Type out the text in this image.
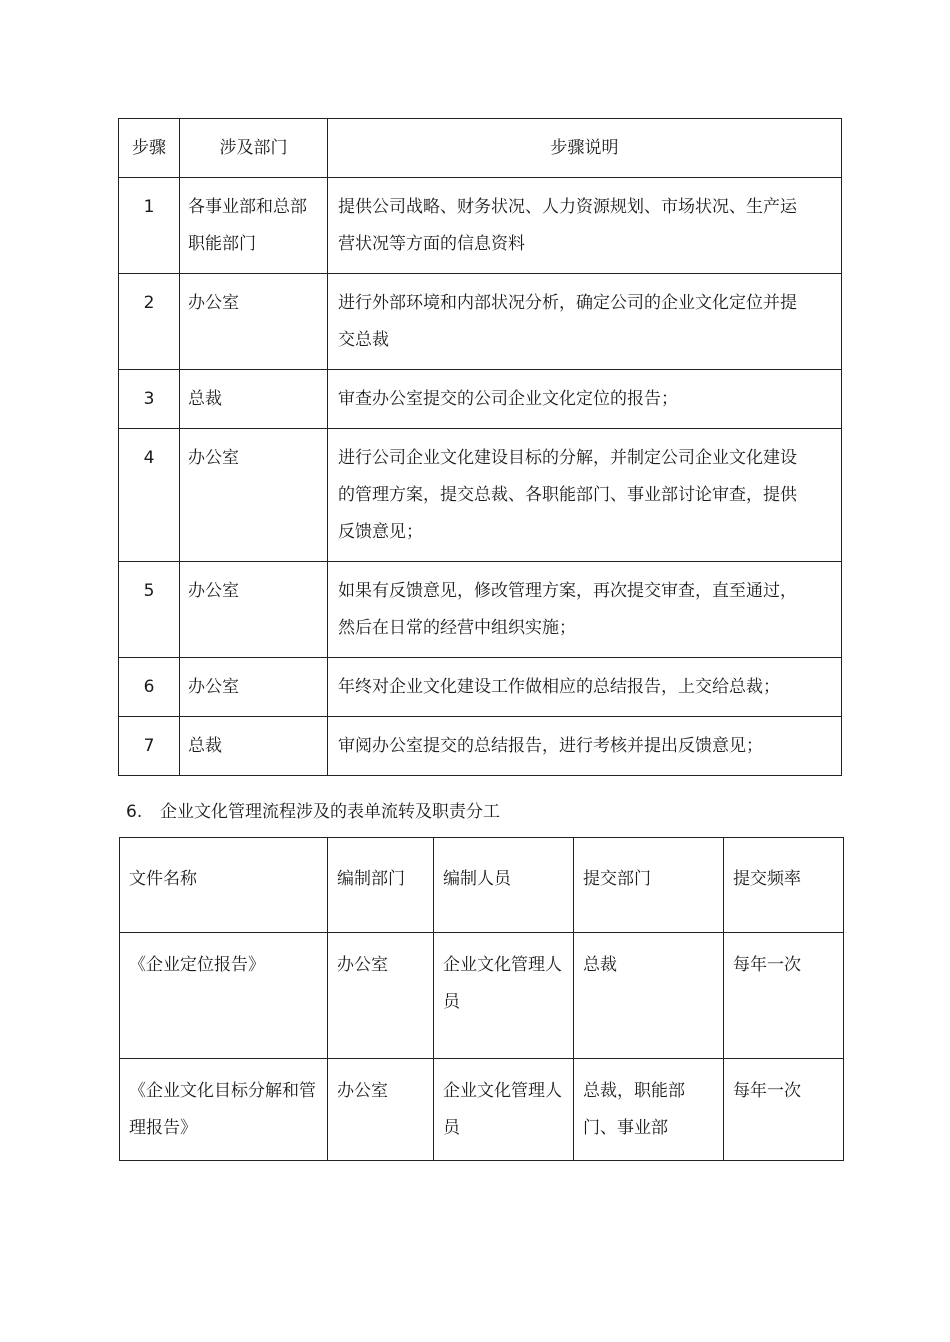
步骤	涉及部门	步骤说明
1	各事业部和总部职能部门	提供公司战略、财务状况、人力资源规划、市场状况、生产运营状况等方面的信息资料
2	办公室	进行外部环境和内部状况分析，确定公司的企业文化定位并提交总裁
3	总裁	审查办公室提交的公司企业文化定位的报告；
4	办公室	进行公司企业文化建设目标的分解，并制定公司企业文化建设的管理方案，提交总裁、各职能部门、事业部讨论审查，提供反馈意见；
5	办公室	如果有反馈意见，修改管理方案，再次提交审查，直至通过，然后在日常的经营中组织实施；
6	办公室	年终对企业文化建设工作做相应的总结报告，上交给总裁；
7	总裁	审阅办公室提交的总结报告，进行考核并提出反馈意见；
6. 企业文化管理流程涉及的表单流转及职责分工
文件名称	编制部门	编制人员	提交部门	提交频率
《企业定位报告》	办公室	企业文化管理人员	总裁	每年一次
《企业文化目标分解和管理报告》	办公室	企业文化管理人员	总裁，职能部门、事业部	每年一次
